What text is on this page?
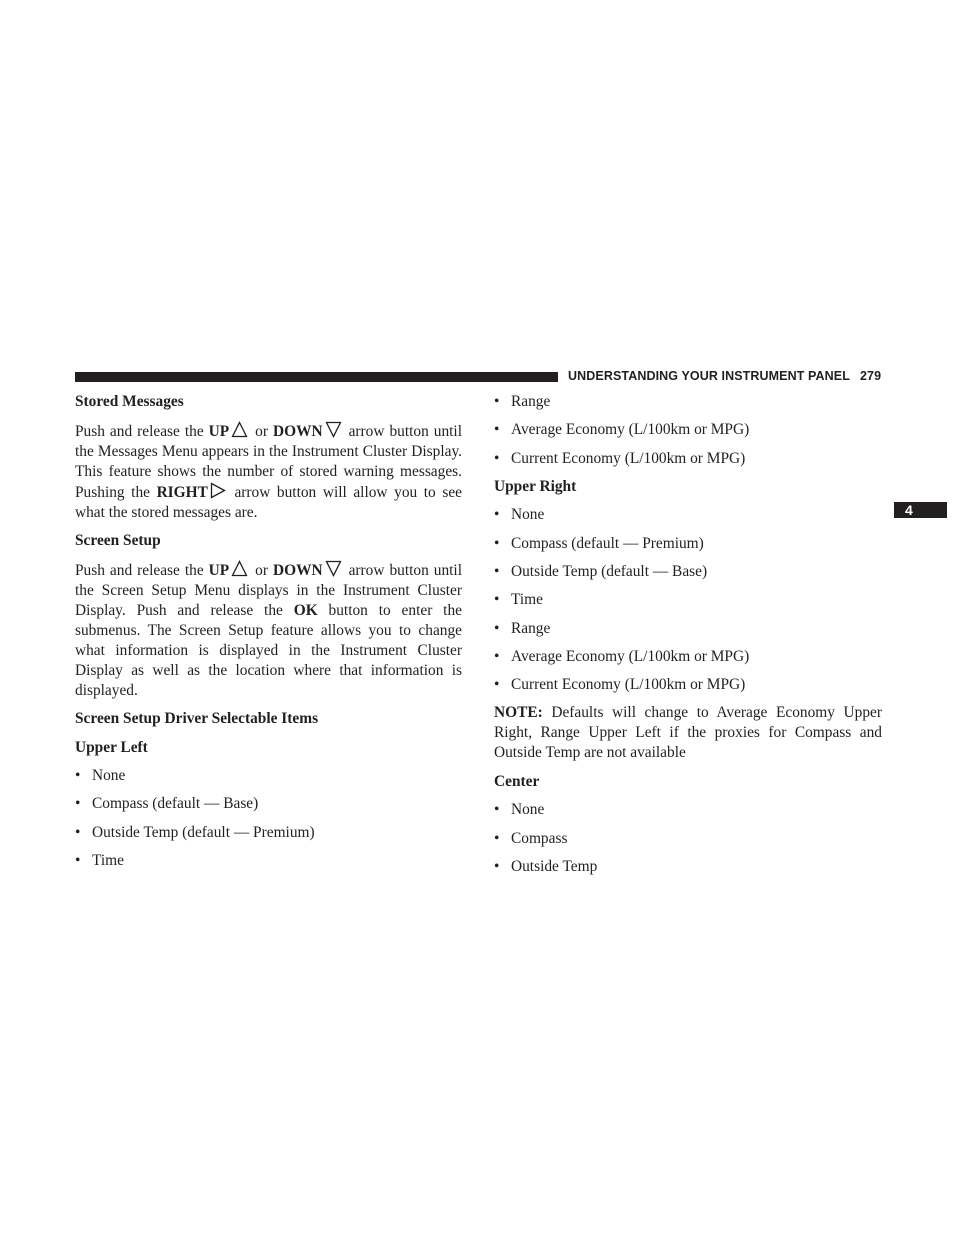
UNDERSTANDING YOUR INSTRUMENT PANEL 279
4
Stored Messages
Push and release the UP or DOWN arrow button until the Messages Menu appears in the Instrument Cluster Display. This feature shows the number of stored warning messages. Pushing the RIGHT arrow button will allow you to see what the stored messages are.
Screen Setup
Push and release the UP or DOWN arrow button until the Screen Setup Menu displays in the Instrument Cluster Display. Push and release the OK button to enter the submenus. The Screen Setup feature allows you to change what information is displayed in the Instrument Cluster Display as well as the location where that information is displayed.
Screen Setup Driver Selectable Items
Upper Left
• None
• Compass (default — Base)
• Outside Temp (default — Premium)
• Time
• Range
• Average Economy (L/100km or MPG)
• Current Economy (L/100km or MPG)
Upper Right
• None
• Compass (default — Premium)
• Outside Temp (default — Base)
• Time
• Range
• Average Economy (L/100km or MPG)
• Current Economy (L/100km or MPG)
NOTE: Defaults will change to Average Economy Upper Right, Range Upper Left if the proxies for Compass and Outside Temp are not available
Center
• None
• Compass
• Outside Temp
